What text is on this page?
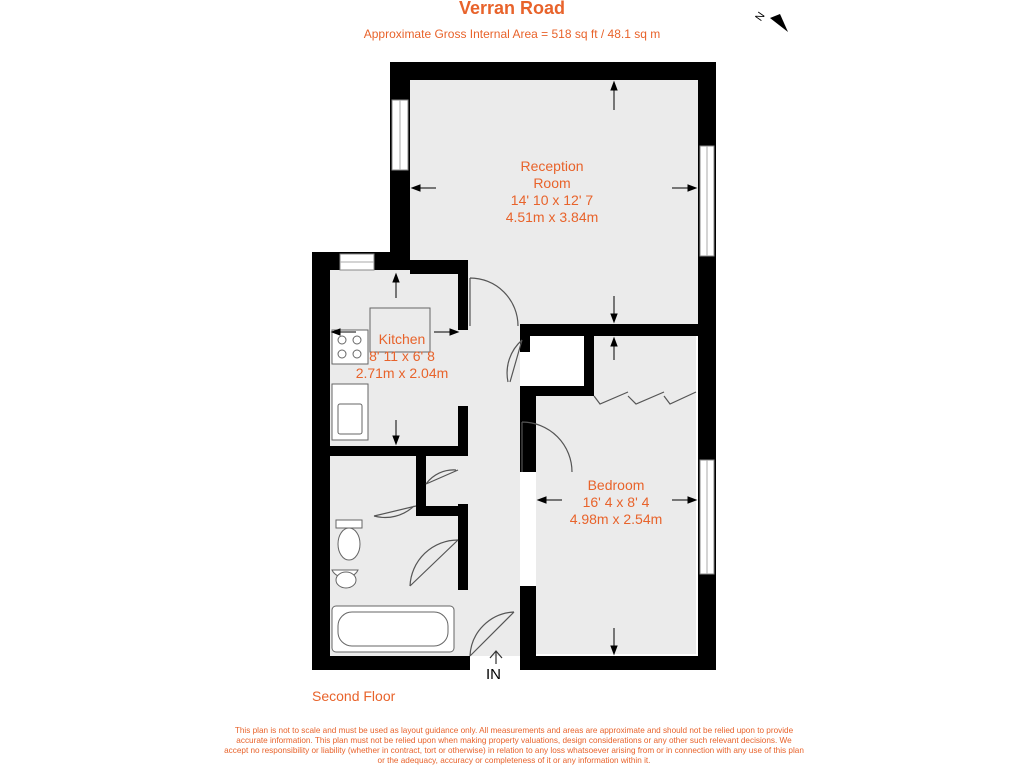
Verran Road
Approximate Gross Internal Area = 518 sq ft / 48.1 sq m
N
Reception
Room
14' 10 x 12' 7
4.51m x 3.84m
Kitchen
8' 11 x 6' 8
2.71m x 2.04m
Bedroom
16' 4 x 8' 4
4.98m x 2.54m
IN
Second Floor
This plan is not to scale and must be used as layout guidance only. All measurements and areas are approximate and should not be relied upon to provide accurate information. This plan must not be relied upon when making property valuations, design considerations or any other such relevant decisions. We accept no responsibility or liability (whether in contract, tort or otherwise) in relation to any loss whatsoever arising from or in connection with any use of this plan or the adequacy, accuracy or completeness of it or any information within it.
